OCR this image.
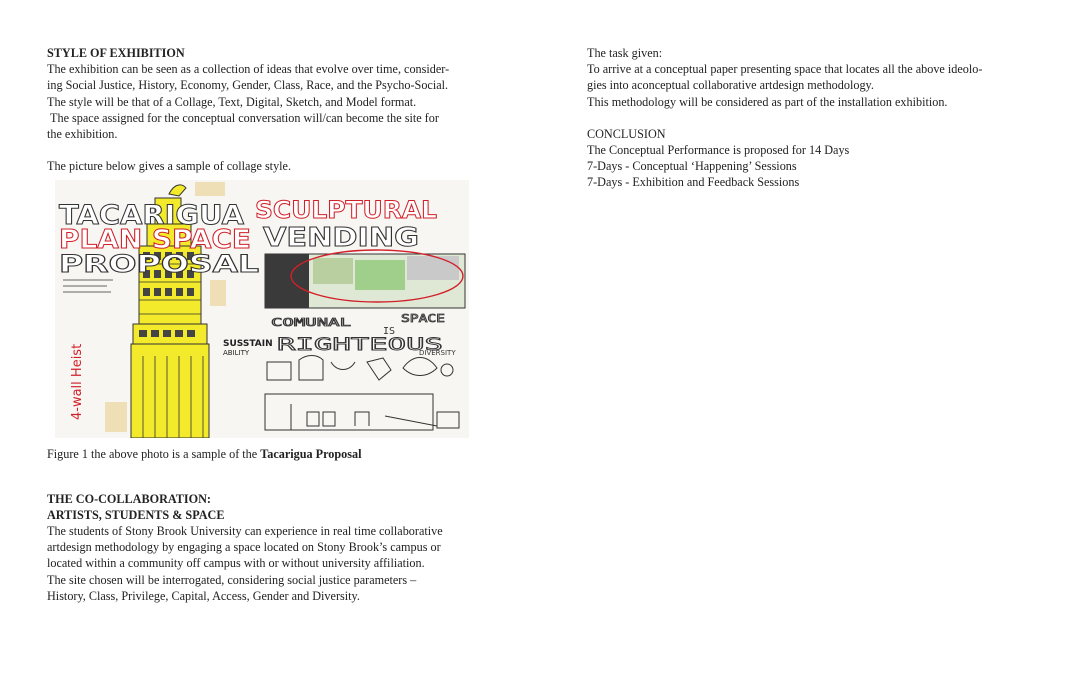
STYLE OF EXHIBITION

The exhibition can be seen as a collection of ideas that evolve over time, consider-

ing Social Justice, History, Economy, Gender, Class, Race, and the Psycho-Social.

The style will be that of a Collage, Text, Digital, Sketch, and Model format.

The space assigned for the conceptual conversation will/can become the site for

the exhibition.

The picture below gives a sample of collage style.

TACARIGUA SCULPTURAL
PLAN SPACE VENDING
PROPOSAL
4-wall Heist
COMUNAL	SPACE
IS
SUSSTAIN
ABILITY RIGHTEOUS
DIVERSITY

Figure 1 the above photo is a sample of the Tacarigua Proposal

THE CO-COLLABORATION:

ARTISTS, STUDENTS & SPACE

The students of Stony Brook University can experience in real time collaborative

artdesign methodology by engaging a space located on Stony Brook’s campus or

located within a community off campus with or without university affiliation.

The site chosen will be interrogated, considering social justice parameters –

History, Class, Privilege, Capital, Access, Gender and Diversity.

The task given:

To arrive at a conceptual paper presenting space that locates all the above ideolo-

gies into aconceptual collaborative artdesign methodology.

This methodology will be considered as part of the installation exhibition.

CONCLUSION

The Conceptual Performance is proposed for 14 Days

7-Days - Conceptual ‘Happening’ Sessions

7-Days - Exhibition and Feedback Sessions
